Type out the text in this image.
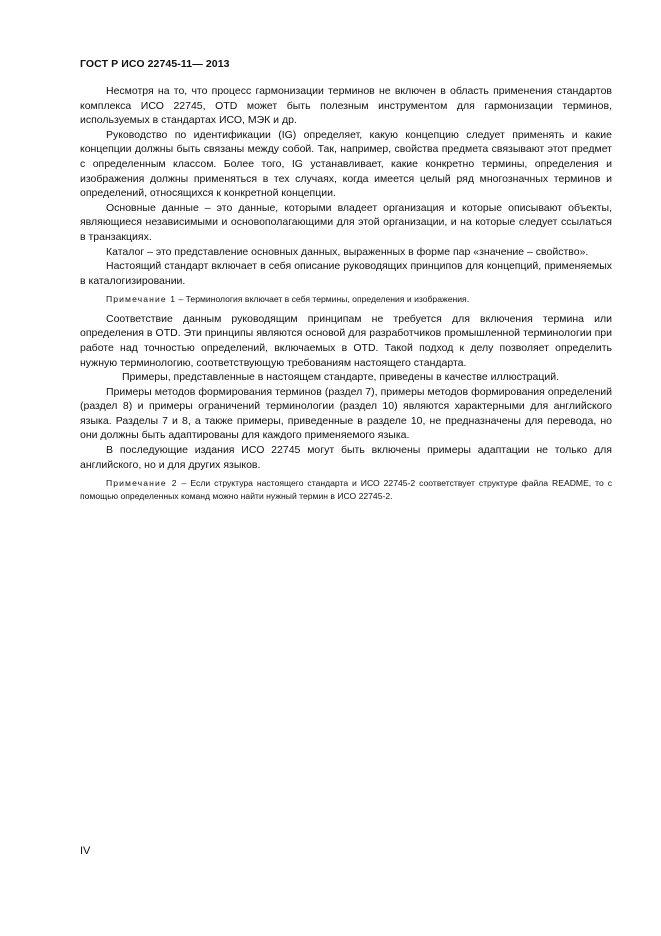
ГОСТ Р ИСО 22745-11— 2013

Несмотря на то, что процесс гармонизации терминов не включен в область применения стандартов комплекса ИСО 22745, OTD может быть полезным инструментом для гармонизации терминов, используемых в стандартах ИСО, МЭК и др.

Руководство по идентификации (IG) определяет, какую концепцию следует применять и какие концепции должны быть связаны между собой. Так, например, свойства предмета связывают этот предмет с определенным классом. Более того, IG устанавливает, какие конкретно термины, определения и изображения должны применяться в тех случаях, когда имеется целый ряд многозначных терминов и определений, относящихся к конкретной концепции.

Основные данные – это данные, которыми владеет организация и которые описывают объекты, являющиеся независимыми и основополагающими для этой организации, и на которые следует ссылаться в транзакциях.

Каталог – это представление основных данных, выраженных в форме пар «значение – свойство».

Настоящий стандарт включает в себя описание руководящих принципов для концепций, применяемых в каталогизировании.

Примечание 1 – Терминология включает в себя термины, определения и изображения.

Соответствие данным руководящим принципам не требуется для включения термина или определения в OTD. Эти принципы являются основой для разработчиков промышленной терминологии при работе над точностью определений, включаемых в OTD. Такой подход к делу позволяет определить нужную терминологию, соответствующую требованиям настоящего стандарта.

Примеры, представленные в настоящем стандарте, приведены в качестве иллюстраций.

Примеры методов формирования терминов (раздел 7), примеры методов формирования определений (раздел 8) и примеры ограничений терминологии (раздел 10) являются характерными для английского языка. Разделы 7 и 8, а также примеры, приведенные в разделе 10, не предназначены для перевода, но они должны быть адаптированы для каждого применяемого языка.

В последующие издания ИСО 22745 могут быть включены примеры адаптации не только для английского, но и для других языков.

Примечание 2 – Если структура настоящего стандарта и ИСО 22745-2 соответствует структуре файла README, то с помощью определенных команд можно найти нужный термин в ИСО 22745-2.

IV
